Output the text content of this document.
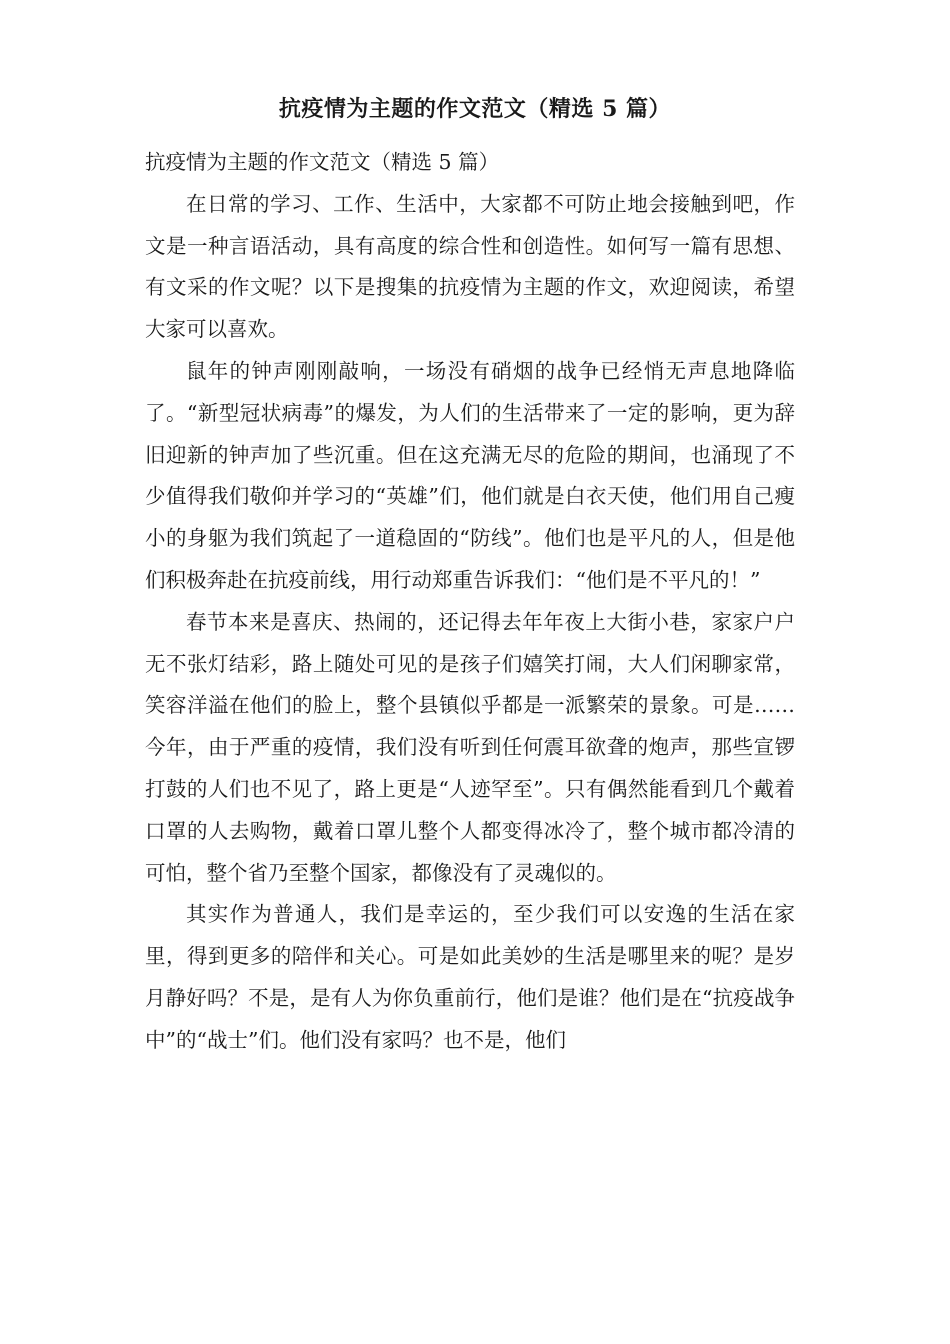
抗疫情为主题的作文范文（精选 5 篇）

抗疫情为主题的作文范文（精选 5 篇）

在日常的学习、工作、生活中，大家都不可防止地会接触到吧，作文是一种言语活动，具有高度的综合性和创造性。如何写一篇有思想、有文采的作文呢？以下是搜集的抗疫情为主题的作文，欢迎阅读，希望大家可以喜欢。

鼠年的钟声刚刚敲响，一场没有硝烟的战争已经悄无声息地降临了。“新型冠状病毒”的爆发，为人们的生活带来了一定的影响，更为辞旧迎新的钟声加了些沉重。但在这充满无尽的危险的期间，也涌现了不少值得我们敬仰并学习的“英雄”们，他们就是白衣天使，他们用自己瘦小的身躯为我们筑起了一道稳固的“防线”。他们也是平凡的人，但是他们积极奔赴在抗疫前线，用行动郑重告诉我们：“他们是不平凡的！”

春节本来是喜庆、热闹的，还记得去年年夜上大街小巷，家家户户无不张灯结彩，路上随处可见的是孩子们嬉笑打闹，大人们闲聊家常，笑容洋溢在他们的脸上，整个县镇似乎都是一派繁荣的景象。可是……今年，由于严重的疫情，我们没有听到任何震耳欲聋的炮声，那些宣锣打鼓的人们也不见了，路上更是“人迹罕至”。只有偶然能看到几个戴着口罩的人去购物，戴着口罩儿整个人都变得冰冷了，整个城市都冷清的可怕，整个省乃至整个国家，都像没有了灵魂似的。

其实作为普通人，我们是幸运的，至少我们可以安逸的生活在家里，得到更多的陪伴和关心。可是如此美妙的生活是哪里来的呢？是岁月静好吗？不是，是有人为你负重前行，他们是谁？他们是在“抗疫战争中”的“战士”们。他们没有家吗？也不是，他们
